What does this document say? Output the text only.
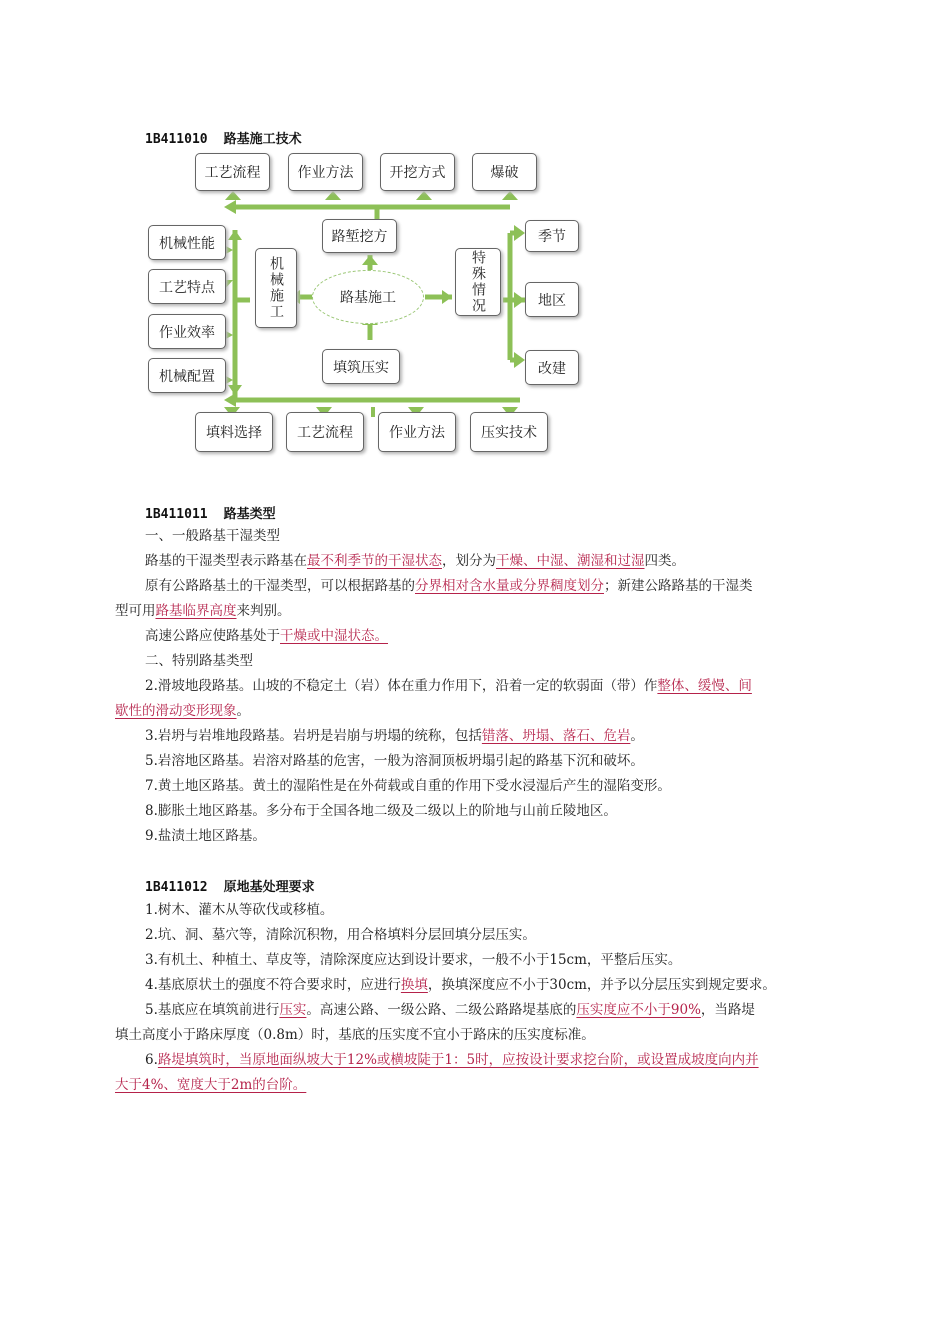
1B411010 路基施工技术
工艺流程	作业方法	开挖方式	爆破
路堑挖方
机械性能
工艺特点
作业效率
机械配置
机械施工	路基施工	特殊情况
季节
地区
改建
填筑压实
填料选择	工艺流程	作业方法	压实技术
1B411011 路基类型
一、一般路基干湿类型
路基的干湿类型表示路基在最不利季节的干湿状态，划分为干燥、中湿、潮湿和过湿四类。
原有公路路基土的干湿类型，可以根据路基的分界相对含水量或分界稠度划分；新建公路路基的干湿类
型可用路基临界高度来判别。
高速公路应使路基处于干燥或中湿状态。
二、特别路基类型
2.滑坡地段路基。山坡的不稳定土（岩）体在重力作用下，沿着一定的软弱面（带）作整体、缓慢、间
歇性的滑动变形现象。
3.岩坍与岩堆地段路基。岩坍是岩崩与坍塌的统称，包括错落、坍塌、落石、危岩。
5.岩溶地区路基。岩溶对路基的危害，一般为溶洞顶板坍塌引起的路基下沉和破坏。
7.黄土地区路基。黄土的湿陷性是在外荷载或自重的作用下受水浸湿后产生的湿陷变形。
8.膨胀土地区路基。多分布于全国各地二级及二级以上的阶地与山前丘陵地区。
9.盐渍土地区路基。
1B411012 原地基处理要求
1.树木、灌木从等砍伐或移植。
2.坑、洞、墓穴等，清除沉积物，用合格填料分层回填分层压实。
3.有机土、种植土、草皮等，清除深度应达到设计要求，一般不小于15cm，平整后压实。
4.基底原状土的强度不符合要求时，应进行换填，换填深度应不小于30cm，并予以分层压实到规定要求。
5.基底应在填筑前进行压实。高速公路、一级公路、二级公路路堤基底的压实度应不小于90%，当路堤
填土高度小于路床厚度（0.8m）时，基底的压实度不宜小于路床的压实度标准。
6.路堤填筑时，当原地面纵坡大于12%或横坡陡于1：5时，应按设计要求挖台阶，或设置成坡度向内并
大于4%、宽度大于2m的台阶。
